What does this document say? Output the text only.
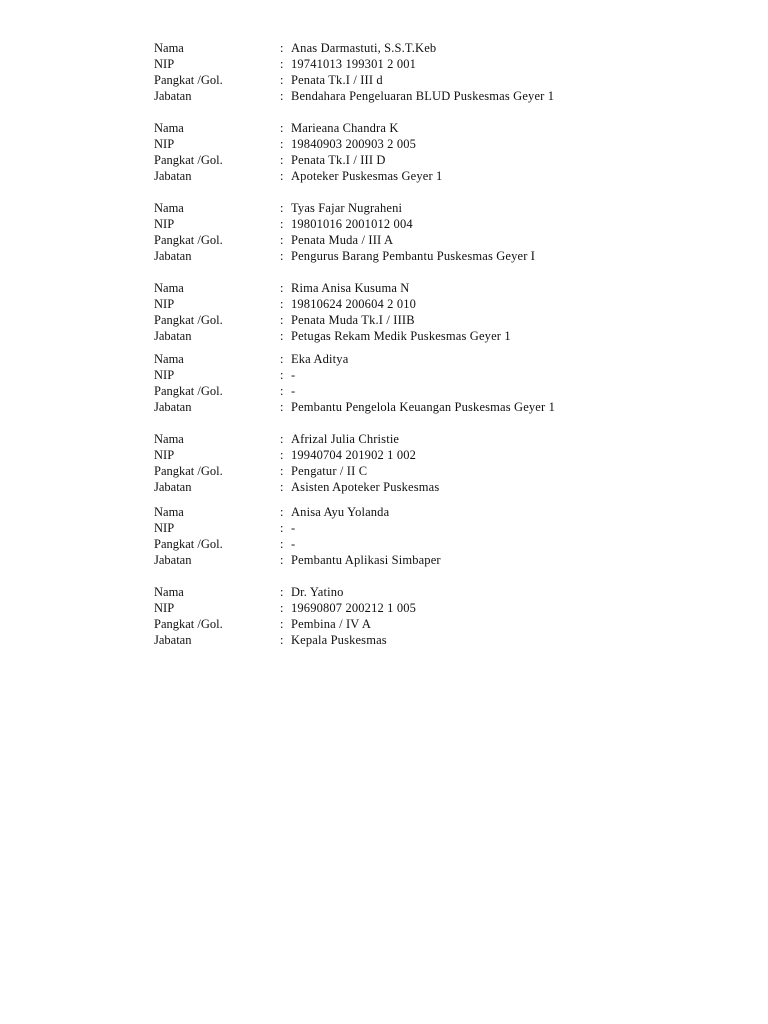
Nama	: Anas Darmastuti, S.S.T.Keb
NIP	: 19741013 199301 2 001
Pangkat /Gol.	: Penata Tk.I / III d
Jabatan	: Bendahara Pengeluaran BLUD Puskesmas Geyer 1
Nama	: Marieana Chandra K
NIP	: 19840903 200903 2 005
Pangkat /Gol.	: Penata Tk.I / III D
Jabatan	: Apoteker Puskesmas Geyer 1
Nama	: Tyas Fajar Nugraheni
NIP	: 19801016 2001012 004
Pangkat /Gol.	: Penata Muda / III A
Jabatan	: Pengurus Barang Pembantu Puskesmas Geyer I
Nama	: Rima Anisa Kusuma N
NIP	: 19810624 200604 2 010
Pangkat /Gol.	: Penata Muda Tk.I / IIIB
Jabatan	: Petugas Rekam Medik Puskesmas Geyer 1
Nama	: Eka Aditya
NIP	: -
Pangkat /Gol.	: -
Jabatan	: Pembantu Pengelola Keuangan Puskesmas Geyer 1
Nama	: Afrizal Julia Christie
NIP	: 19940704 201902 1 002
Pangkat /Gol.	: Pengatur / II C
Jabatan	: Asisten Apoteker Puskesmas
Nama	: Anisa Ayu Yolanda
NIP	: -
Pangkat /Gol.	: -
Jabatan	: Pembantu Aplikasi Simbaper
Nama	: Dr. Yatino
NIP	: 19690807 200212 1 005
Pangkat /Gol.	: Pembina / IV A
Jabatan	: Kepala Puskesmas
